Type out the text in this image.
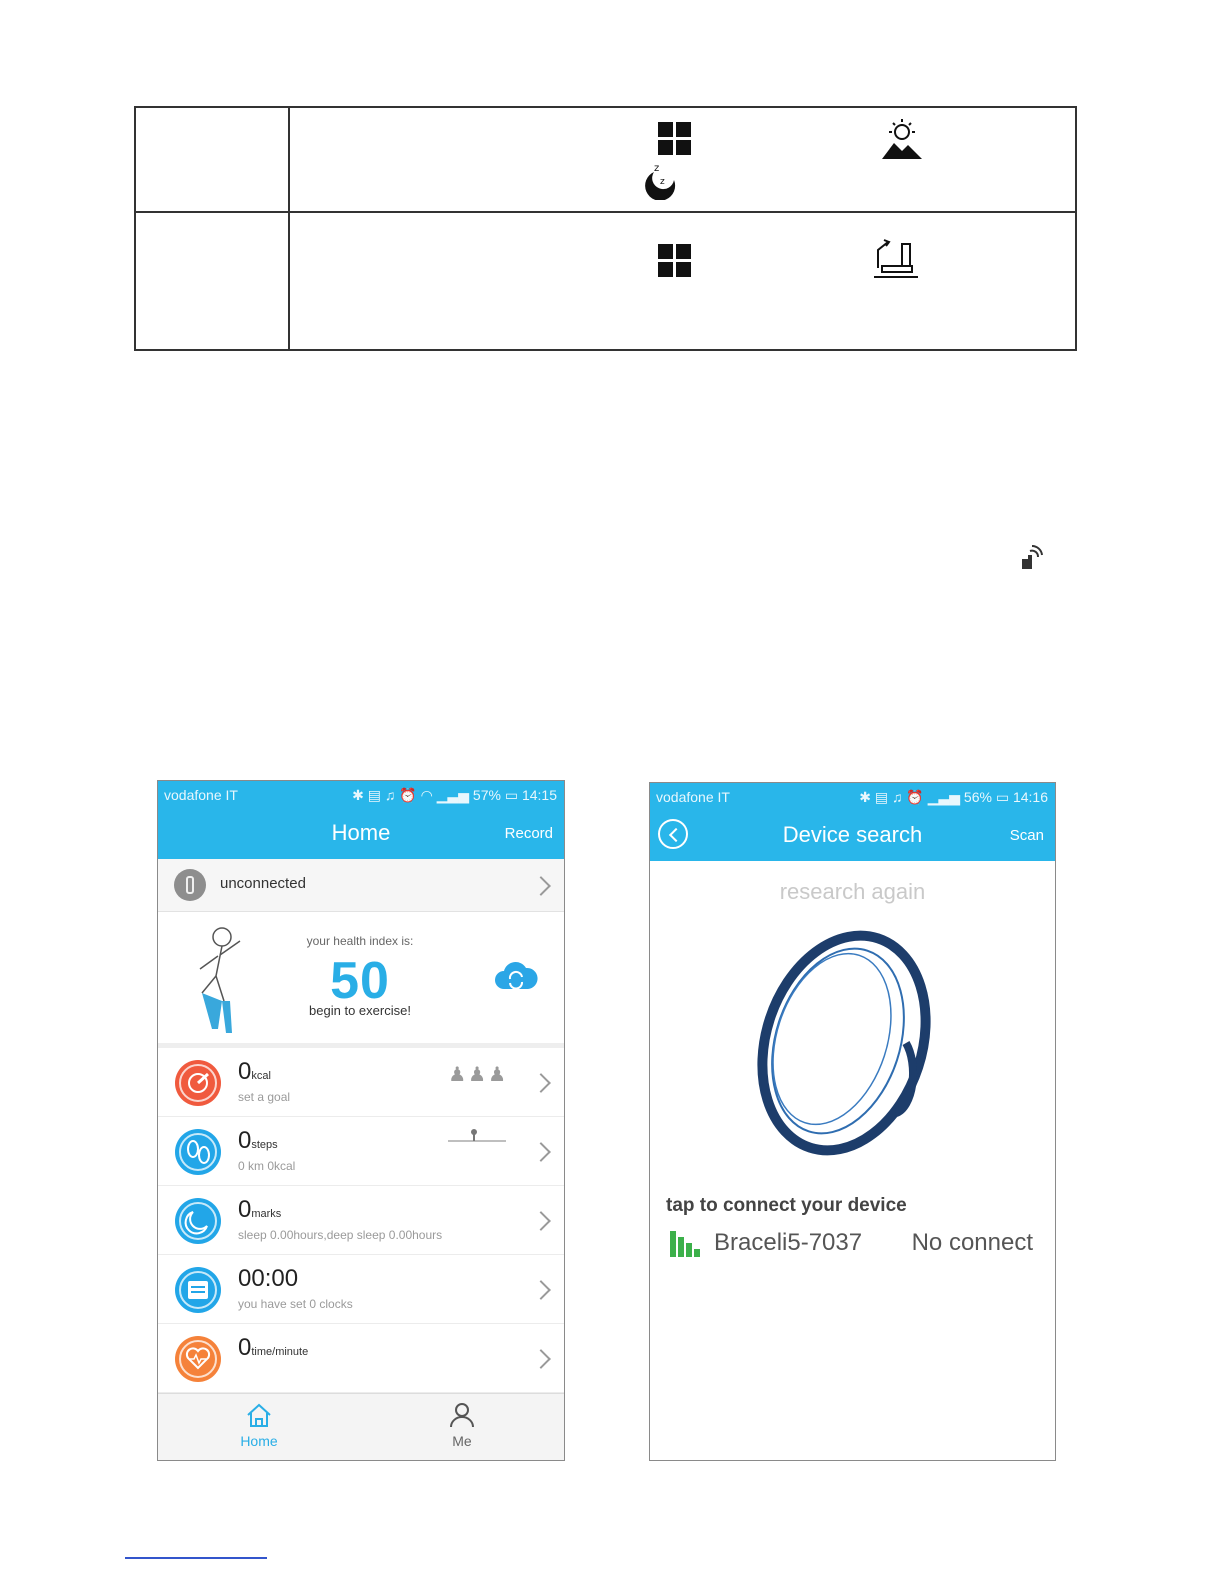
z
z
vodafone IT	✱ ▤ ♫ ⏰ ◠ ▁▃▅ 57% ▭ 14:15
Home	Record
unconnected
your health index is:
50
begin to exercise!
0kcal
set a goal
♟♟♟
0steps
0 km 0kcal
0marks
sleep 0.00hours,deep sleep 0.00hours
00:00
you have set 0 clocks
0time/minute
Home	Me
vodafone IT	✱ ▤ ♫ ⏰ ▁▃▅ 56% ▭ 14:16
Device search	Scan
research again
tap to connect your device
Braceli5-7037 No connect
